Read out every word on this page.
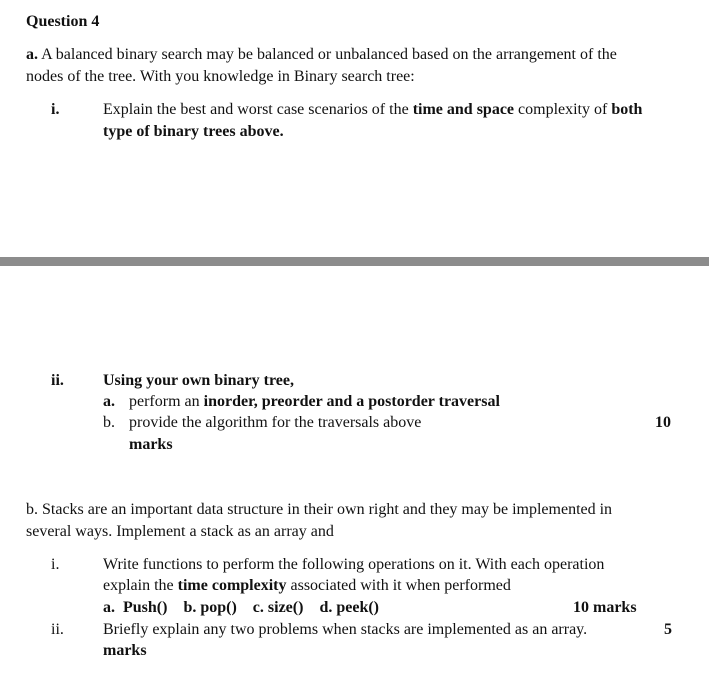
Question 4
a. A balanced binary search may be balanced or unbalanced based on the arrangement of the
nodes of the tree. With you knowledge in Binary search tree:
i.	Explain the best and worst case scenarios of the time and space complexity of both
type of binary trees above.
ii. Using your own binary tree,
a. perform an inorder, preorder and a postorder traversal
b. provide the algorithm for the traversals above	10
marks
b. Stacks are an important data structure in their own right and they may be implemented in
several ways. Implement a stack as an array and
i.	Write functions to perform the following operations on it. With each operation
explain the time complexity associated with it when performed
a.  Push()    b. pop()    c. size()    d. peek()	10 marks
ii. Briefly explain any two problems when stacks are implemented as an array.	5
marks
